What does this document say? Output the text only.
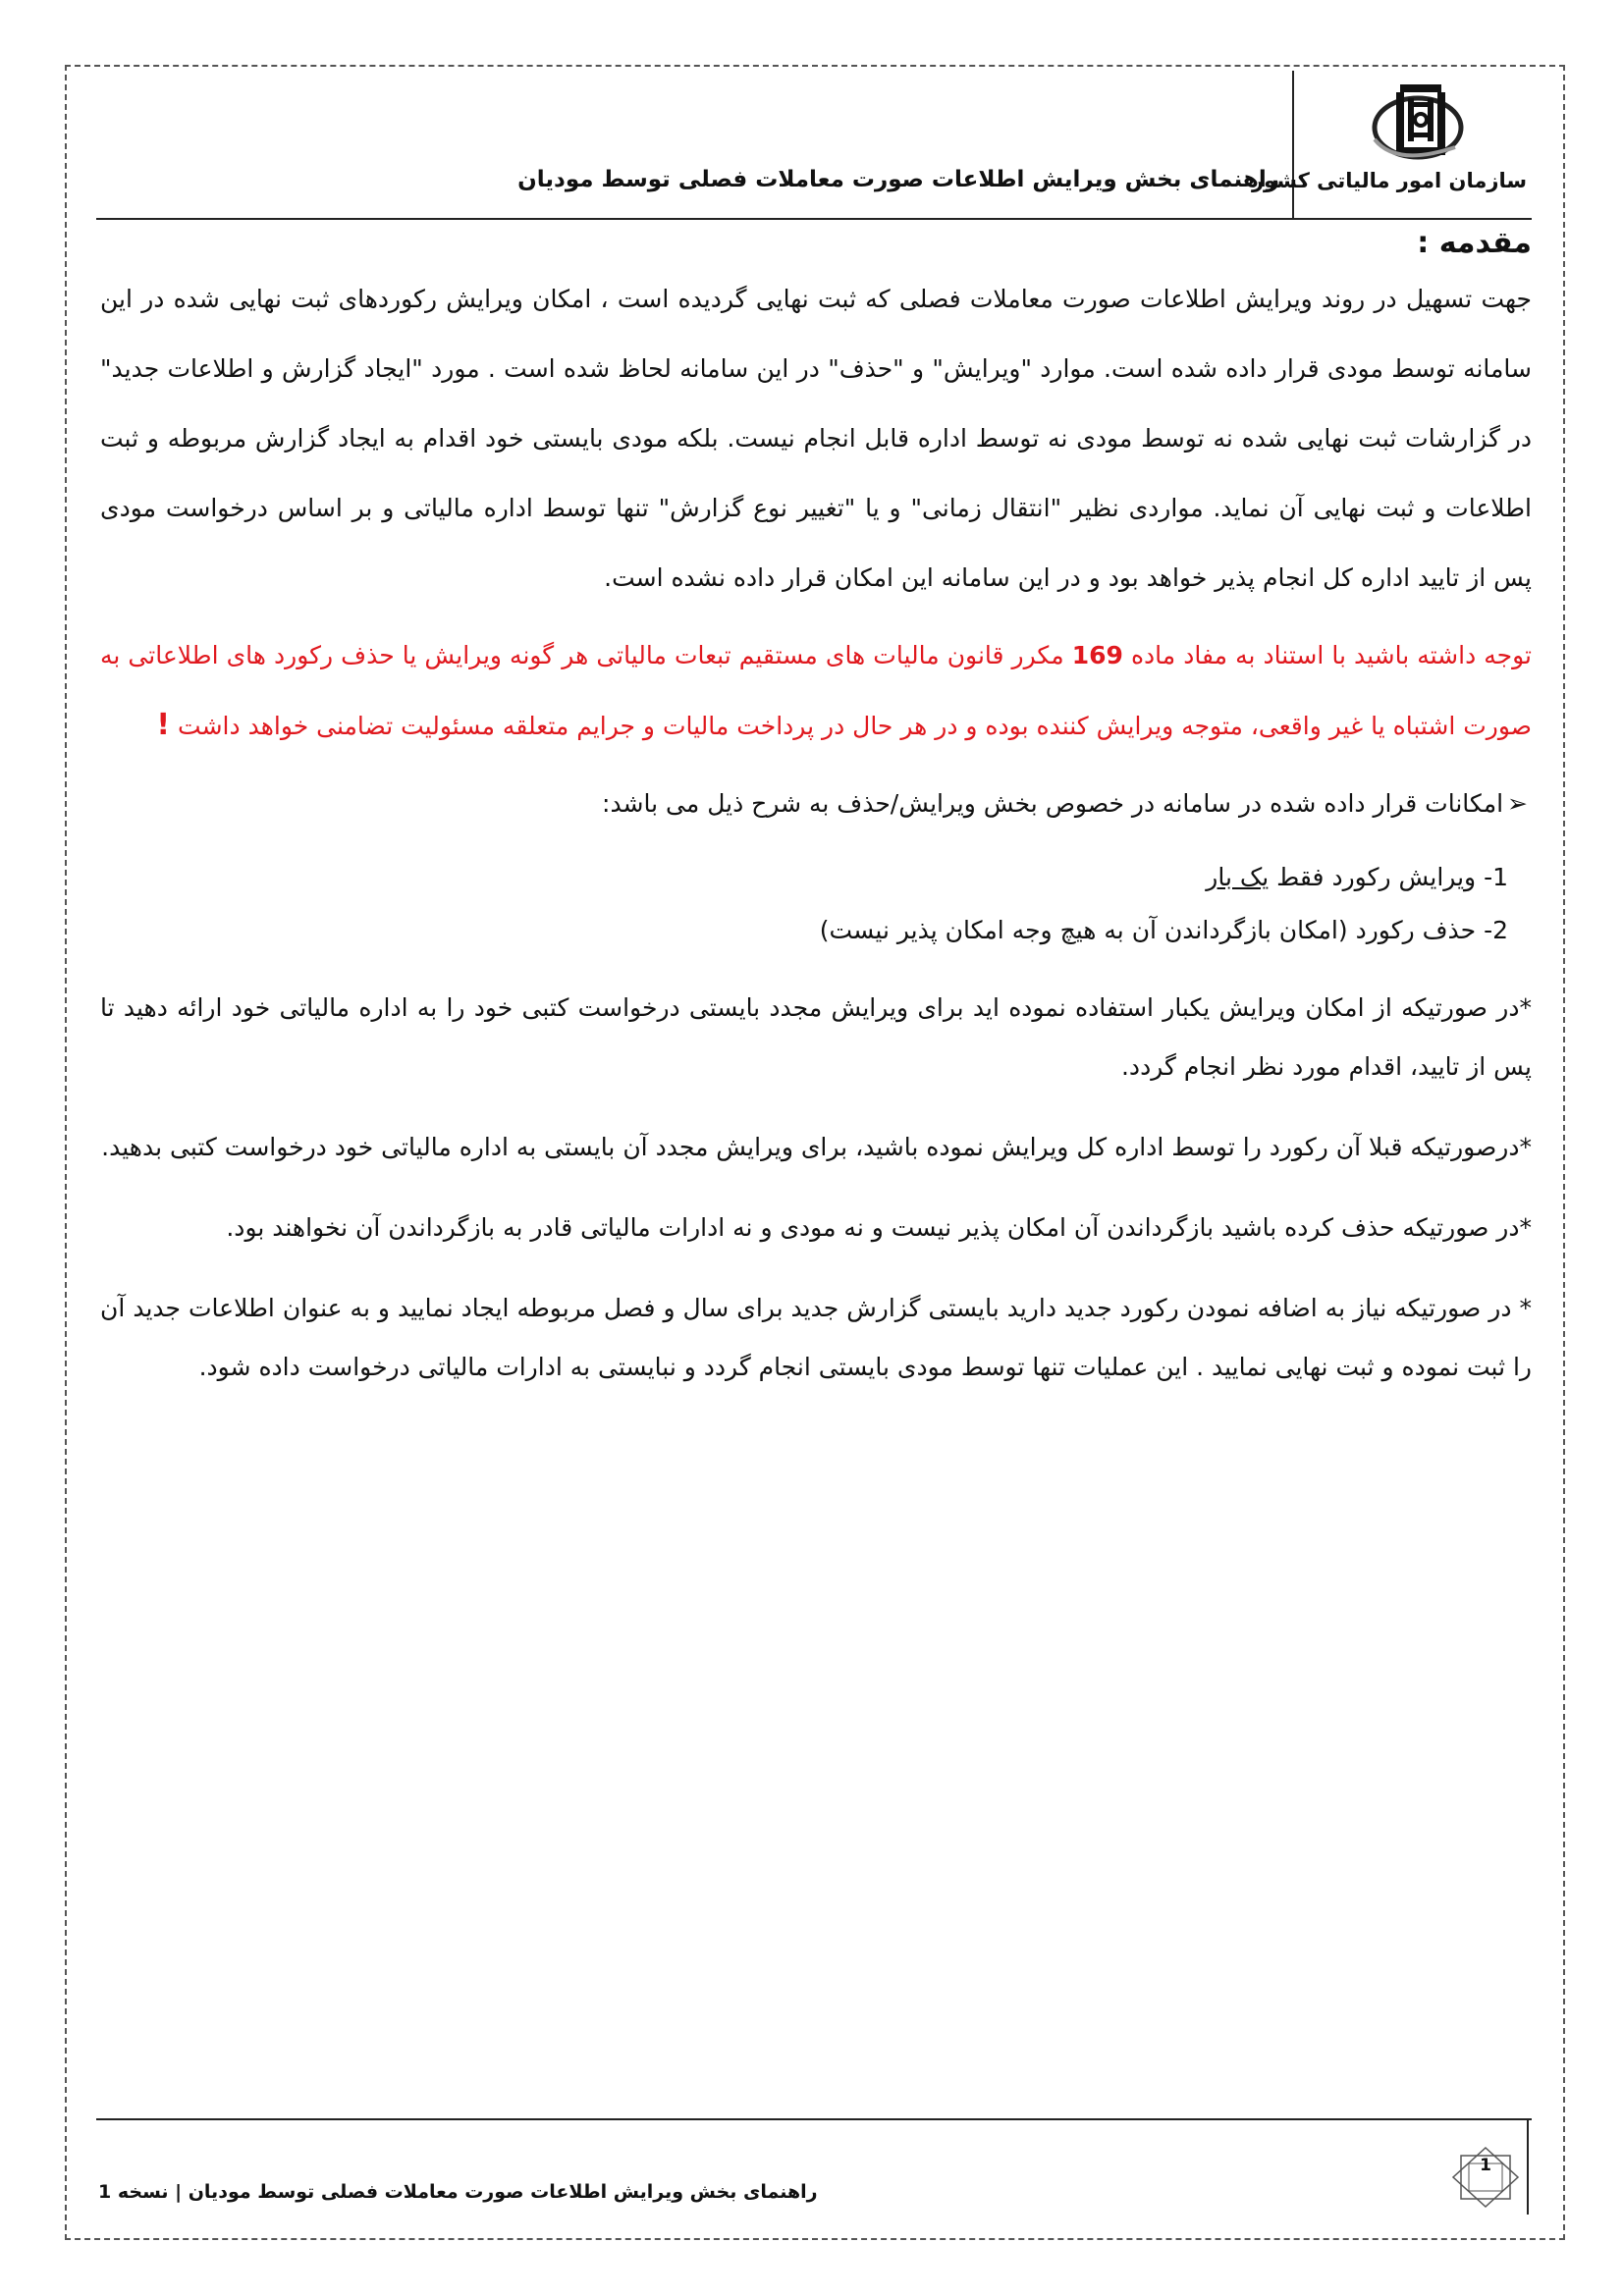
سازمان امور مالیاتی کشور
راهنمای بخش ویرایش اطلاعات صورت معاملات فصلی توسط مودیان
مقدمه :

جهت تسهیل در روند ویرایش اطلاعات صورت معاملات فصلی که ثبت نهایی گردیده است ، امکان ویرایش رکوردهای ثبت نهایی شده در این سامانه توسط مودی قرار داده شده است. موارد "ویرایش" و "حذف" در این سامانه لحاظ شده است . مورد "ایجاد گزارش و اطلاعات جدید" در گزارشات ثبت نهایی شده نه توسط مودی نه توسط اداره قابل انجام نیست. بلکه مودی بایستی خود اقدام به ایجاد گزارش مربوطه و ثبت اطلاعات و ثبت نهایی آن نماید. مواردی نظیر "انتقال زمانی" و یا "تغییر نوع گزارش" تنها توسط اداره مالیاتی و بر اساس درخواست مودی پس از تایید اداره کل انجام پذیر خواهد بود و در این سامانه این امکان قرار داده نشده است.

توجه داشته باشید با استناد به مفاد ماده 169 مکرر قانون مالیات های مستقیم تبعات مالیاتی هر گونه ویرایش یا حذف رکورد های اطلاعاتی به صورت اشتباه یا غیر واقعی، متوجه ویرایش کننده بوده و در هر حال در پرداخت مالیات و جرایم متعلقه مسئولیت تضامنی خواهد داشت !

➢امکانات قرار داده شده در سامانه در خصوص بخش ویرایش/حذف به شرح ذیل می باشد:
1- ویرایش رکورد فقط یک بار
2- حذف رکورد (امکان بازگرداندن آن به هیچ وجه امکان پذیر نیست)

*در صورتیکه از امکان ویرایش یکبار استفاده نموده اید برای ویرایش مجدد بایستی درخواست کتبی خود را به اداره مالیاتی خود ارائه دهید تا پس از تایید، اقدام مورد نظر انجام گردد.

*درصورتیکه قبلا آن رکورد را توسط اداره کل ویرایش نموده باشید، برای ویرایش مجدد آن بایستی به اداره مالیاتی خود درخواست کتبی بدهید.

*در صورتیکه حذف کرده باشید بازگرداندن آن امکان پذیر نیست و نه مودی و نه ادارات مالیاتی قادر به بازگرداندن آن نخواهند بود.

* در صورتیکه نیاز به اضافه نمودن رکورد جدید دارید بایستی گزارش جدید برای سال و فصل مربوطه ایجاد نمایید و به عنوان اطلاعات جدید آن را ثبت نموده و ثبت نهایی نمایید . این عملیات تنها توسط مودی بایستی انجام گردد و نبایستی به ادارات مالیاتی درخواست داده شود.

1
راهنمای بخش ویرایش اطلاعات صورت معاملات فصلی توسط مودیان | نسخه 1
